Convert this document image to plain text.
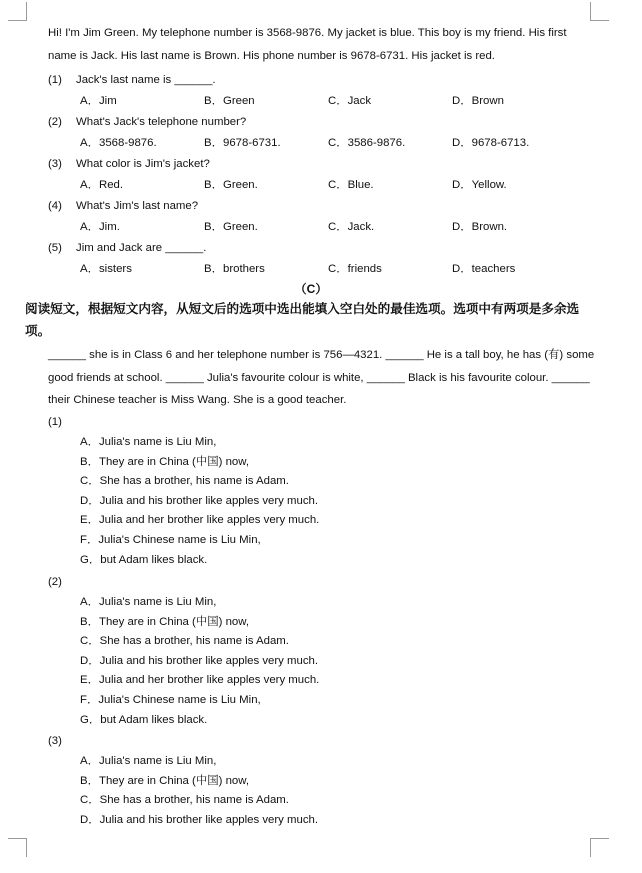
Hi! I'm Jim Green. My telephone number is 3568-9876. My jacket is blue. This boy is my friend. His first name is Jack. His last name is Brown. His phone number is 9678-6731. His jacket is red.

(1) Jack's last name is ______.
A．Jim	B．Green	C．Jack	D．Brown
(2) What's Jack's telephone number?
A．3568-9876.	B．9678-6731.	C．3586-9876.	D．9678-6713.
(3) What color is Jim's jacket?
A．Red.	B．Green.	C．Blue.	D．Yellow.
(4) What's Jim's last name?
A．Jim.	B．Green.	C．Jack.	D．Brown.
(5) Jim and Jack are ______.
A．sisters	B．brothers	C．friends	D．teachers
（C）

阅读短文，根据短文内容，从短文后的选项中选出能填入空白处的最佳选项。选项中有两项是多余选项。

______ she is in Class 6 and her telephone number is 756—4321. ______ He is a tall boy, he has (有) some good friends at school. ______ Julia's favourite colour is white, ______ Black is his favourite colour. ______ their Chinese teacher is Miss Wang. She is a good teacher.

(1)
A．Julia's name is Liu Min,
B．They are in China (中国) now,
C．She has a brother, his name is Adam.
D．Julia and his brother like apples very much.
E．Julia and her brother like apples very much.
F．Julia's Chinese name is Liu Min,
G．but Adam likes black.
(2)
A．Julia's name is Liu Min,
B．They are in China (中国) now,
C．She has a brother, his name is Adam.
D．Julia and his brother like apples very much.
E．Julia and her brother like apples very much.
F．Julia's Chinese name is Liu Min,
G．but Adam likes black.
(3)
A．Julia's name is Liu Min,
B．They are in China (中国) now,
C．She has a brother, his name is Adam.
D．Julia and his brother like apples very much.
